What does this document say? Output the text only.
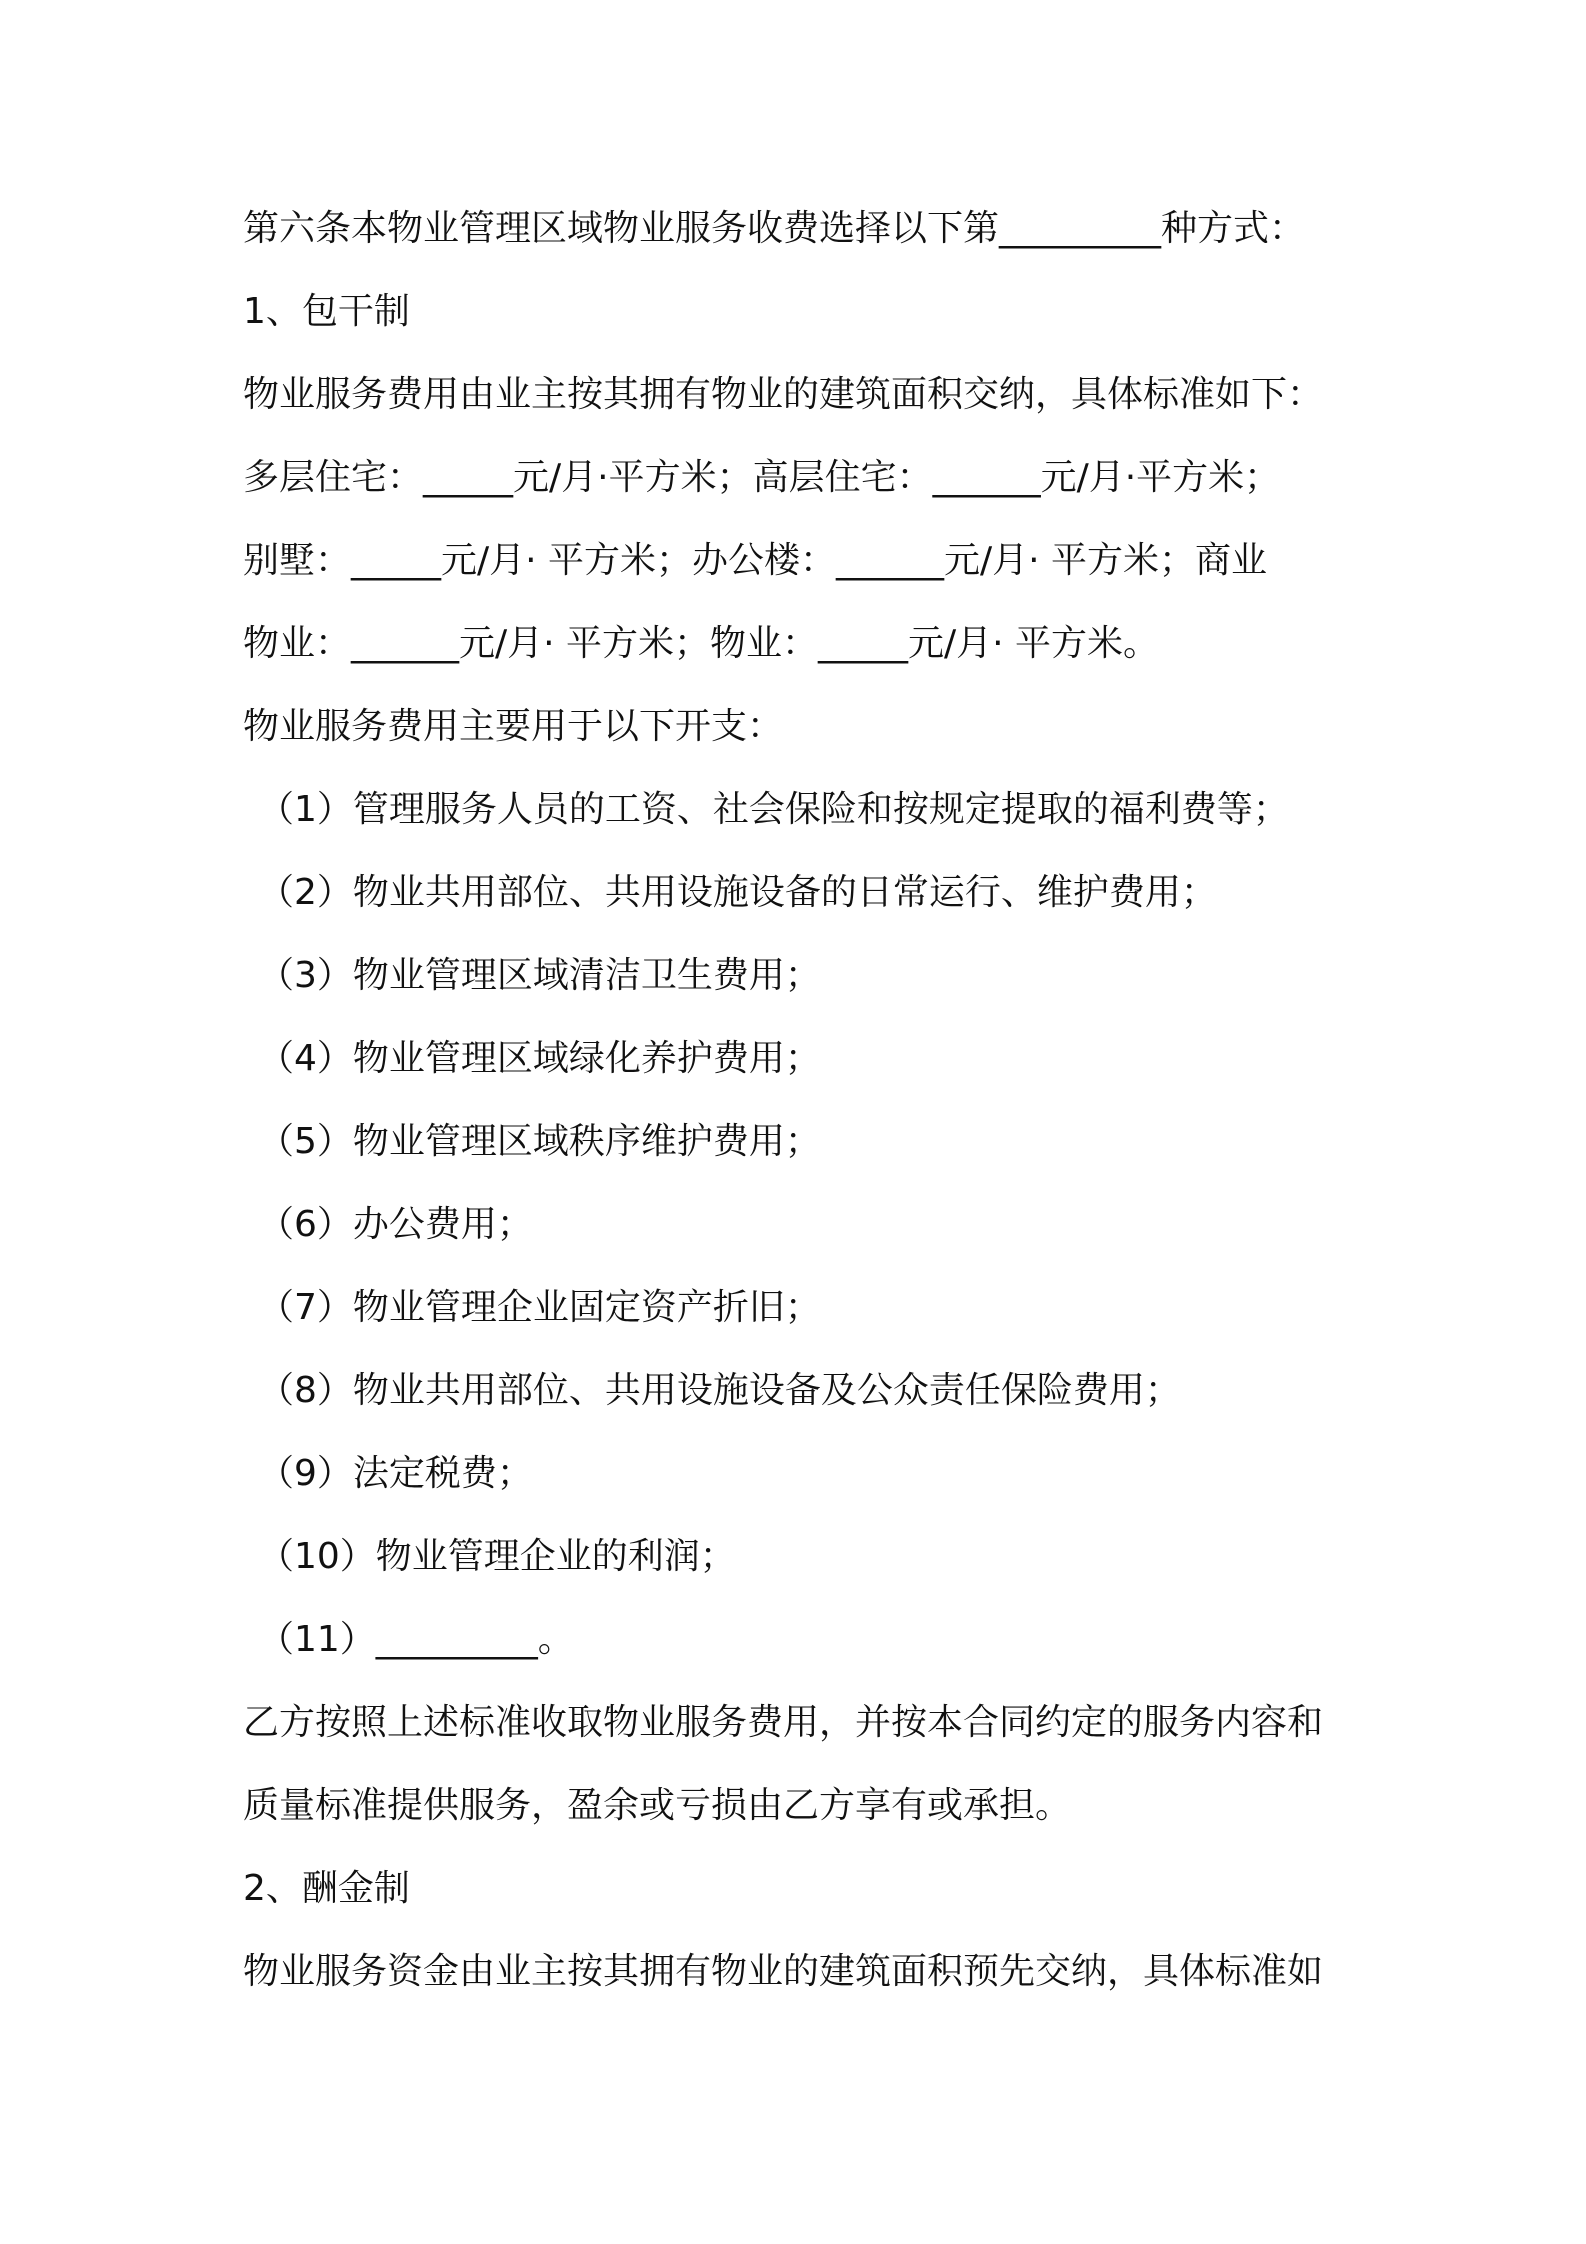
第六条本物业管理区域物业服务收费选择以下第_________种方式：
1、包干制
物业服务费用由业主按其拥有物业的建筑面积交纳，具体标准如下：
多层住宅：_____元/月·平方米；高层住宅：______元/月·平方米；
别墅：_____元/月· 平方米；办公楼：______元/月· 平方米；商业
物业：______元/月· 平方米；物业：_____元/月· 平方米。
物业服务费用主要用于以下开支：
（1）管理服务人员的工资、社会保险和按规定提取的福利费等；
（2）物业共用部位、共用设施设备的日常运行、维护费用；
（3）物业管理区域清洁卫生费用；
（4）物业管理区域绿化养护费用；
（5）物业管理区域秩序维护费用；
（6）办公费用；
（7）物业管理企业固定资产折旧；
（8）物业共用部位、共用设施设备及公众责任保险费用；
（9）法定税费；
（10）物业管理企业的利润；
（11）_________。
乙方按照上述标准收取物业服务费用，并按本合同约定的服务内容和
质量标准提供服务，盈余或亏损由乙方享有或承担。
2、酬金制
物业服务资金由业主按其拥有物业的建筑面积预先交纳，具体标准如
